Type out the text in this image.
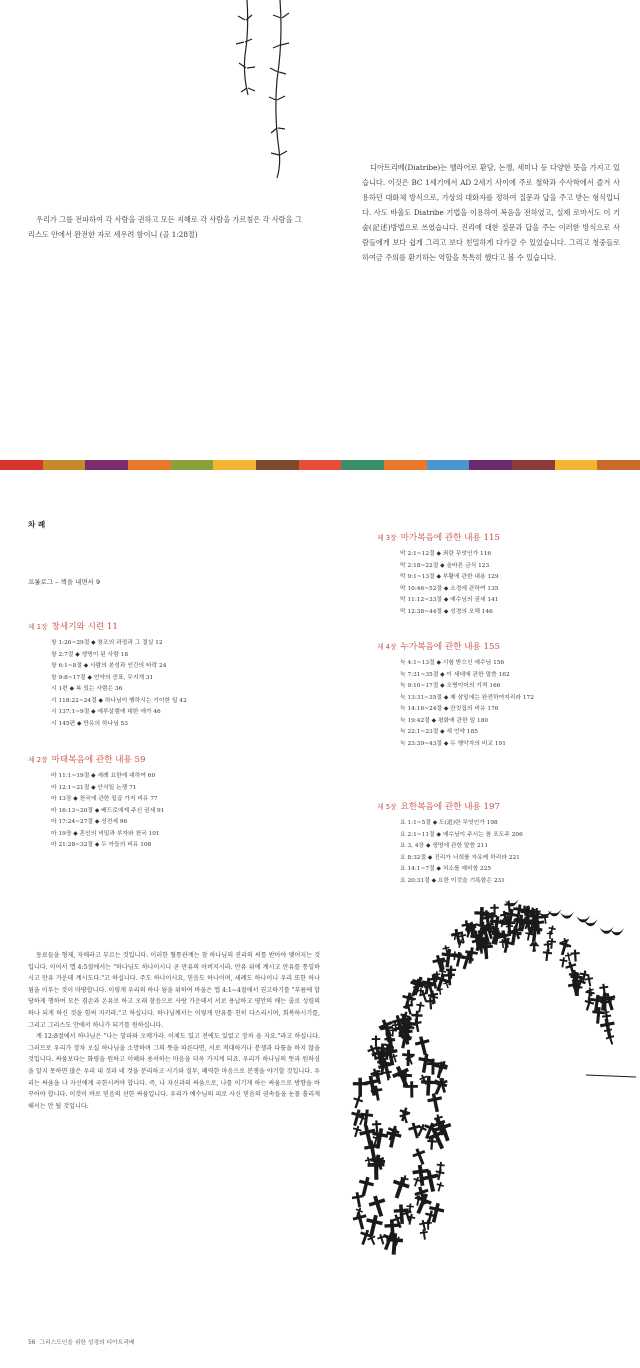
우리가 그를 전파하여 각 사람을 권하고 모든 지혜로 각 사람을 가르침은 각 사람을 그리스도 안에서 완전한 자로 세우려 함이니 (골 1:28절)

디아트리베(Diatribe)는 헬라어로 환담, 논쟁, 세미나 등 다양한 뜻을 가지고 있습니다. 이것은 BC 1세기에서 AD 2세기 사이에 주로 철학과 수사학에서 즐겨 사용하던 대화체 방식으로, 가상의 대화자를 정하여 질문과 답을 주고 받는 형식입니다. 사도 바울도 Diatribe 기법을 이용하여 복음을 전하였고, 실제 로마서도 이 기술(記述)방법으로 쓰였습니다. 진리에 대한 질문과 답을 주는 이러한 방식으로 사람들에게 보다 쉽게 그리고 보다 친밀하게 다가갈 수 있었습니다. 그리고 청중들로 하여금 주의를 환기하는 역할을 톡톡히 했다고 볼 수 있습니다.

차 례
프롤로그 – 책을 내면서 9
제 1장 창세기와 시련 11
창 1:26~29절 ◆ 창조의 과정과 그 결실 12
창 2:7절 ◆ 생명이 된 사람 18
창 6:1~8절 ◆ 사람의 본성과 인간의 타락 24
창 9:8~17절 ◆ 언약의 증표, 무지개 31
시 1편 ◆ 복 있는 사람은 36
시 118:22~24절 ◆ 하나님이 행하시는 기이한 일 42
시 137:1~9절 ◆ 예루살렘에 대한 애가 46
시 145편 ◆ 만유의 하나님 53
제 2장 마태복음에 관한 내용 59
마 11:1~19절 ◆ 세례 요한에 대하여 60
마 12:1~21절 ◆ 안식일 논쟁 71
마 13장 ◆ 천국에 관한 일곱 가지 비유 77
마 16:13~20절 ◆ 베드로에게 주신 권세 91
마 17:24~27절 ◆ 성전세 96
마 19장 ◆ 혼인의 비밀과 부자와 천국 101
마 21:28~32절 ◆ 두 아들의 비유 108
제 3장 마가복음에 관한 내용 115
막 2:1~12절 ◆ 죄란 무엇인가 116
막 2:18~22절 ◆ 올바른 금식 123
막 9:1~13절 ◆ 부활에 관한 내용 129
막 10:46~52절 ◆ 소경에 관하여 135
막 11:12~33절 ◆ 예수님의 권세 141
막 12:38~44절 ◆ 성경의 오해 146
제 4장 누가복음에 관한 내용 155
눅 4:1~13절 ◆ 시험 받으신 예수님 156
눅 7:31~35절 ◆ 이 세대에 관한 말씀 162
눅 9:10~17절 ◆ 오병이어의 기적 166
눅 13:31~35절 ◆ 제 삼일에는 완전하여지리라 172
눅 14:16~24절 ◆ 잔칫집의 비유 176
눅 19:42절 ◆ 평화에 관한 일 180
눅 22:1~23절 ◆ 새 언약 185
눅 23:39~43절 ◆ 두 행악자의 비교 191
제 5장 요한복음에 관한 내용 197
요 1:1~5절 ◆ 도(道)란 무엇인가 198
요 2:1~11절 ◆ 예수님이 주시는 참 포도주 206
요 3, 4장 ◆ 생명에 관한 말씀 211
요 8:32절 ◆ 진리가 너희를 자유케 하리라 221
요 14:1~7절 ◆ 처소를 예비함 225
요 20:31절 ◆ 요한 이것을 기록함은 231

동료들을 형제, 자매라고 부르는 것입니다. 이러한 혈통관계는 참 하나님의 진리의 씨를 받아야 맺어지는 것입니다. 이어서 엡 4:5절에서는 "하나님도 하나이시니 곧 만유의 아버지시라. 만유 위에 계시고 만유를 통일하시고 만유 가운데 계시도다."고 하십니다. 주도 하나이시요, 믿음도 하나이며, 세례도 하나이니 우리 또한 하나 됨을 이루는 것이 마땅합니다. 이렇게 우리의 하나 됨을 위하여 바울은 엡 4:1~4절에서 권고하기를 "부름에 합당하게 행하여 모든 겸손과 온유로 하고 오래 참음으로 사랑 가운데서 서로 용납하고 평안의 매는 줄로 성령의 하나 되게 하신 것을 힘써 지키라."고 하십니다. 하나님께서는 이렇게 만유를 친히 다스리시며, 회복하시기를, 그리고 그리스도 안에서 하나가 되기를 원하십니다.

계 12:8절에서 하나님은 "나는 알파와 오메가라. 이제도 있고 전에도 있었고 장차 올 자요."라고 하십니다. 그러므로 우리가 장차 오실 하나님을 소망하며 그의 뜻을 따른다면, 서로 적대하거나 분쟁과 다툼을 하지 않을 것입니다. 싸움보다는 화평을 원하고 이해와 용서하는 마음을 더욱 가지게 되죠. 우리가 하나님의 뜻과 원하심을 알지 못하면 많은 우리 내 것과 네 것을 분리하고 시기와 질투, 폐역한 마음으로 분쟁을 야기할 것입니다. 우리는 싸움을 나 자신에게 국한시켜야 합니다. 즉, 나 자신과의 싸움으로, 나를 이기게 하는 싸움으로 방향을 바꾸어야 합니다. 이것이 바로 믿음의 선한 싸움입니다. 우리가 예수님의 피로 사신 믿음의 권속들을 눈물 흘리게 해서는 안 될 것입니다.

56 그리스도인을 위한 성경의 디아트리베
